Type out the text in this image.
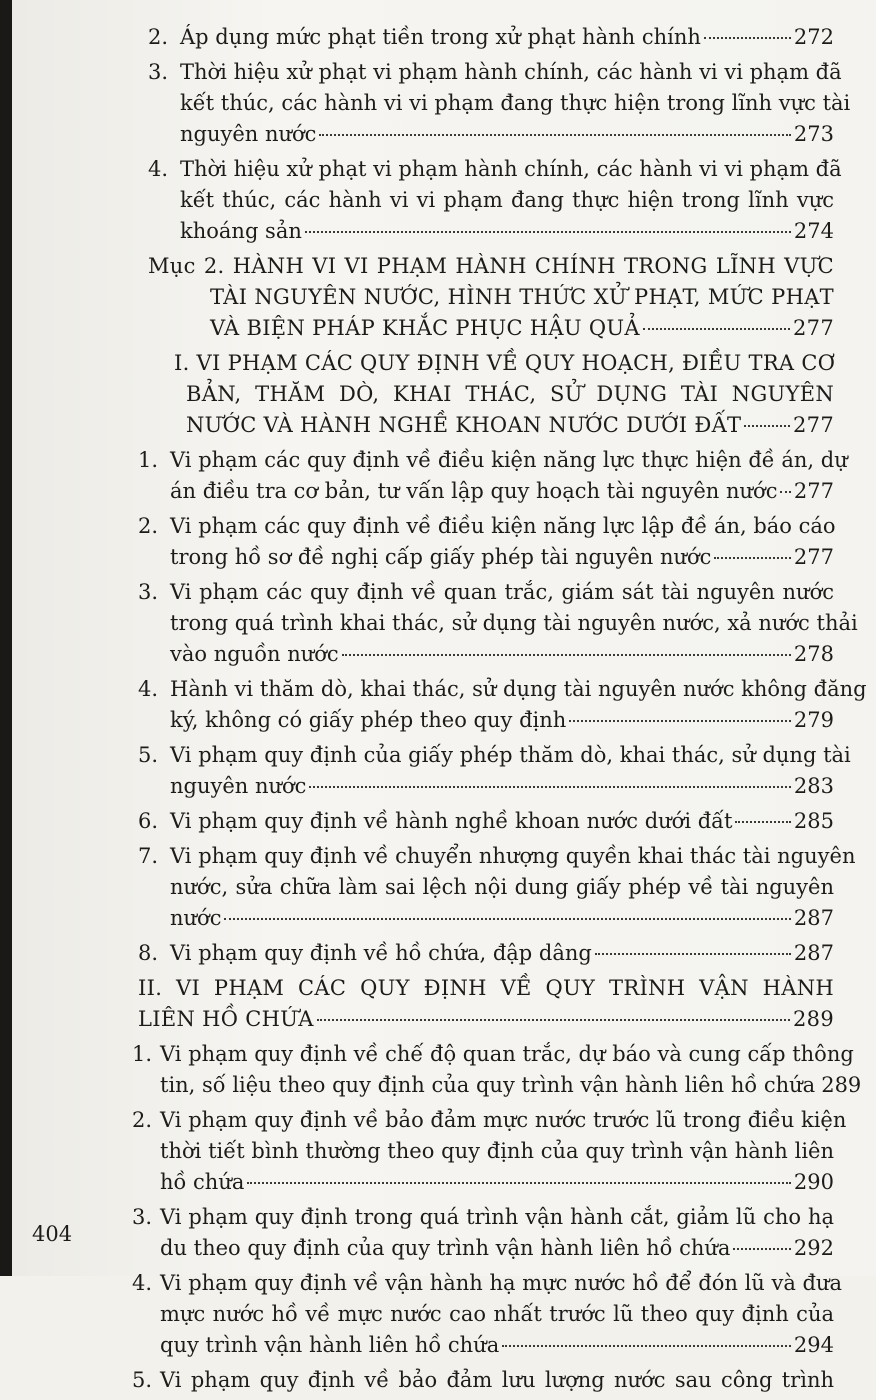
2. Áp dụng mức phạt tiền trong xử phạt hành chính	272
3. Thời hiệu xử phạt vi phạm hành chính, các hành vi vi phạm đã
kết thúc, các hành vi vi phạm đang thực hiện trong lĩnh vực tài
nguyên nước	273
4. Thời hiệu xử phạt vi phạm hành chính, các hành vi vi phạm đã
kết thúc, các hành vi vi phạm đang thực hiện trong lĩnh vực
khoáng sản	274
Mục 2. HÀNH VI VI PHẠM HÀNH CHÍNH TRONG LĨNH VỰC
TÀI NGUYÊN NƯỚC, HÌNH THỨC XỬ PHẠT, MỨC PHẠT
VÀ BIỆN PHÁP KHẮC PHỤC HẬU QUẢ	277
I. VI PHẠM CÁC QUY ĐỊNH VỀ QUY HOẠCH, ĐIỀU TRA CƠ
BẢN, THĂM DÒ, KHAI THÁC, SỬ DỤNG TÀI NGUYÊN
NƯỚC VÀ HÀNH NGHỀ KHOAN NƯỚC DƯỚI ĐẤT 277
1. Vi phạm các quy định về điều kiện năng lực thực hiện đề án, dự
án điều tra cơ bản, tư vấn lập quy hoạch tài nguyên nước 277
2. Vi phạm các quy định về điều kiện năng lực lập đề án, báo cáo
trong hồ sơ đề nghị cấp giấy phép tài nguyên nước	277
3. Vi phạm các quy định về quan trắc, giám sát tài nguyên nước
trong quá trình khai thác, sử dụng tài nguyên nước, xả nước thải
vào nguồn nước	278
4. Hành vi thăm dò, khai thác, sử dụng tài nguyên nước không đăng
ký, không có giấy phép theo quy định	279
5. Vi phạm quy định của giấy phép thăm dò, khai thác, sử dụng tài
nguyên nước	283
6. Vi phạm quy định về hành nghề khoan nước dưới đất	285
7. Vi phạm quy định về chuyển nhượng quyền khai thác tài nguyên
nước, sửa chữa làm sai lệch nội dung giấy phép về tài nguyên
nước	287
8. Vi phạm quy định về hồ chứa, đập dâng	287
II. VI PHẠM CÁC QUY ĐỊNH VỀ QUY TRÌNH VẬN HÀNH
LIÊN HỒ CHỨA	289
1. Vi phạm quy định về chế độ quan trắc, dự báo và cung cấp thông
tin, số liệu theo quy định của quy trình vận hành liên hồ chứa 289
2. Vi phạm quy định về bảo đảm mực nước trước lũ trong điều kiện
thời tiết bình thường theo quy định của quy trình vận hành liên
hồ chứa	290
3. Vi phạm quy định trong quá trình vận hành cắt, giảm lũ cho hạ
du theo quy định của quy trình vận hành liên hồ chứa	292
4. Vi phạm quy định về vận hành hạ mực nước hồ để đón lũ và đưa
mực nước hồ về mực nước cao nhất trước lũ theo quy định của
quy trình vận hành liên hồ chứa	294
5. Vi phạm quy định về bảo đảm lưu lượng nước sau công trình
404
